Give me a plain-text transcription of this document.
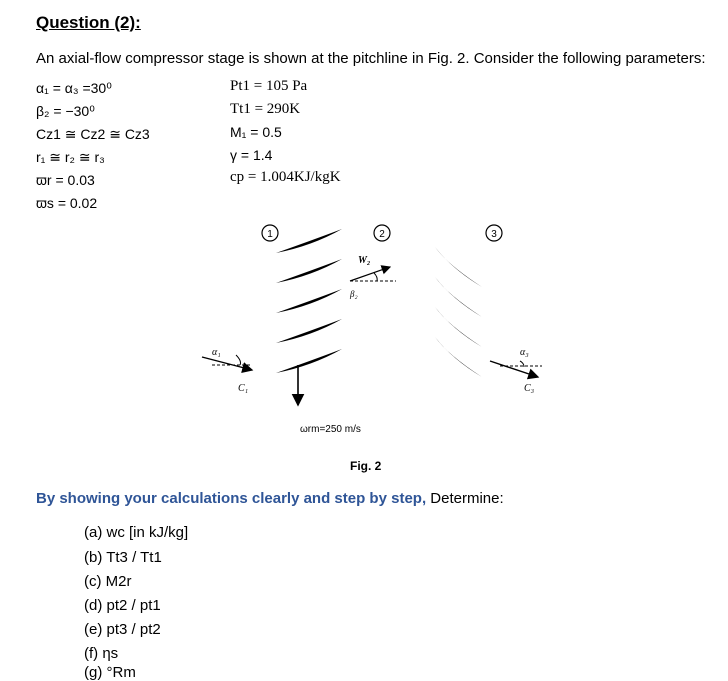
Question (2):
An axial-flow compressor stage is shown at the pitchline in Fig. 2. Consider the following parameters:
α₁ = α₃ =30⁰
β₂ = −30⁰
Cz1 ≅ Cz2 ≅ Cz3
r₁ ≅ r₂ ≅ r₃
ϖr = 0.03
ϖs = 0.02
Pt1 = 105 Pa
Tt1 = 290K
M₁ = 0.5
γ = 1.4
cp = 1.004KJ/kgK
1	2	3
α₁
C₁
W₂
β₂
ωrm=250 m/s
α₃
C₃
Fig. 2
By showing your calculations clearly and step by step, Determine:
(a) wc [in kJ/kg]
(b) Tt3 / Tt1
(c) M2r
(d) pt2 / pt1
(e) pt3 / pt2
(f) ηs
(g) °Rm
